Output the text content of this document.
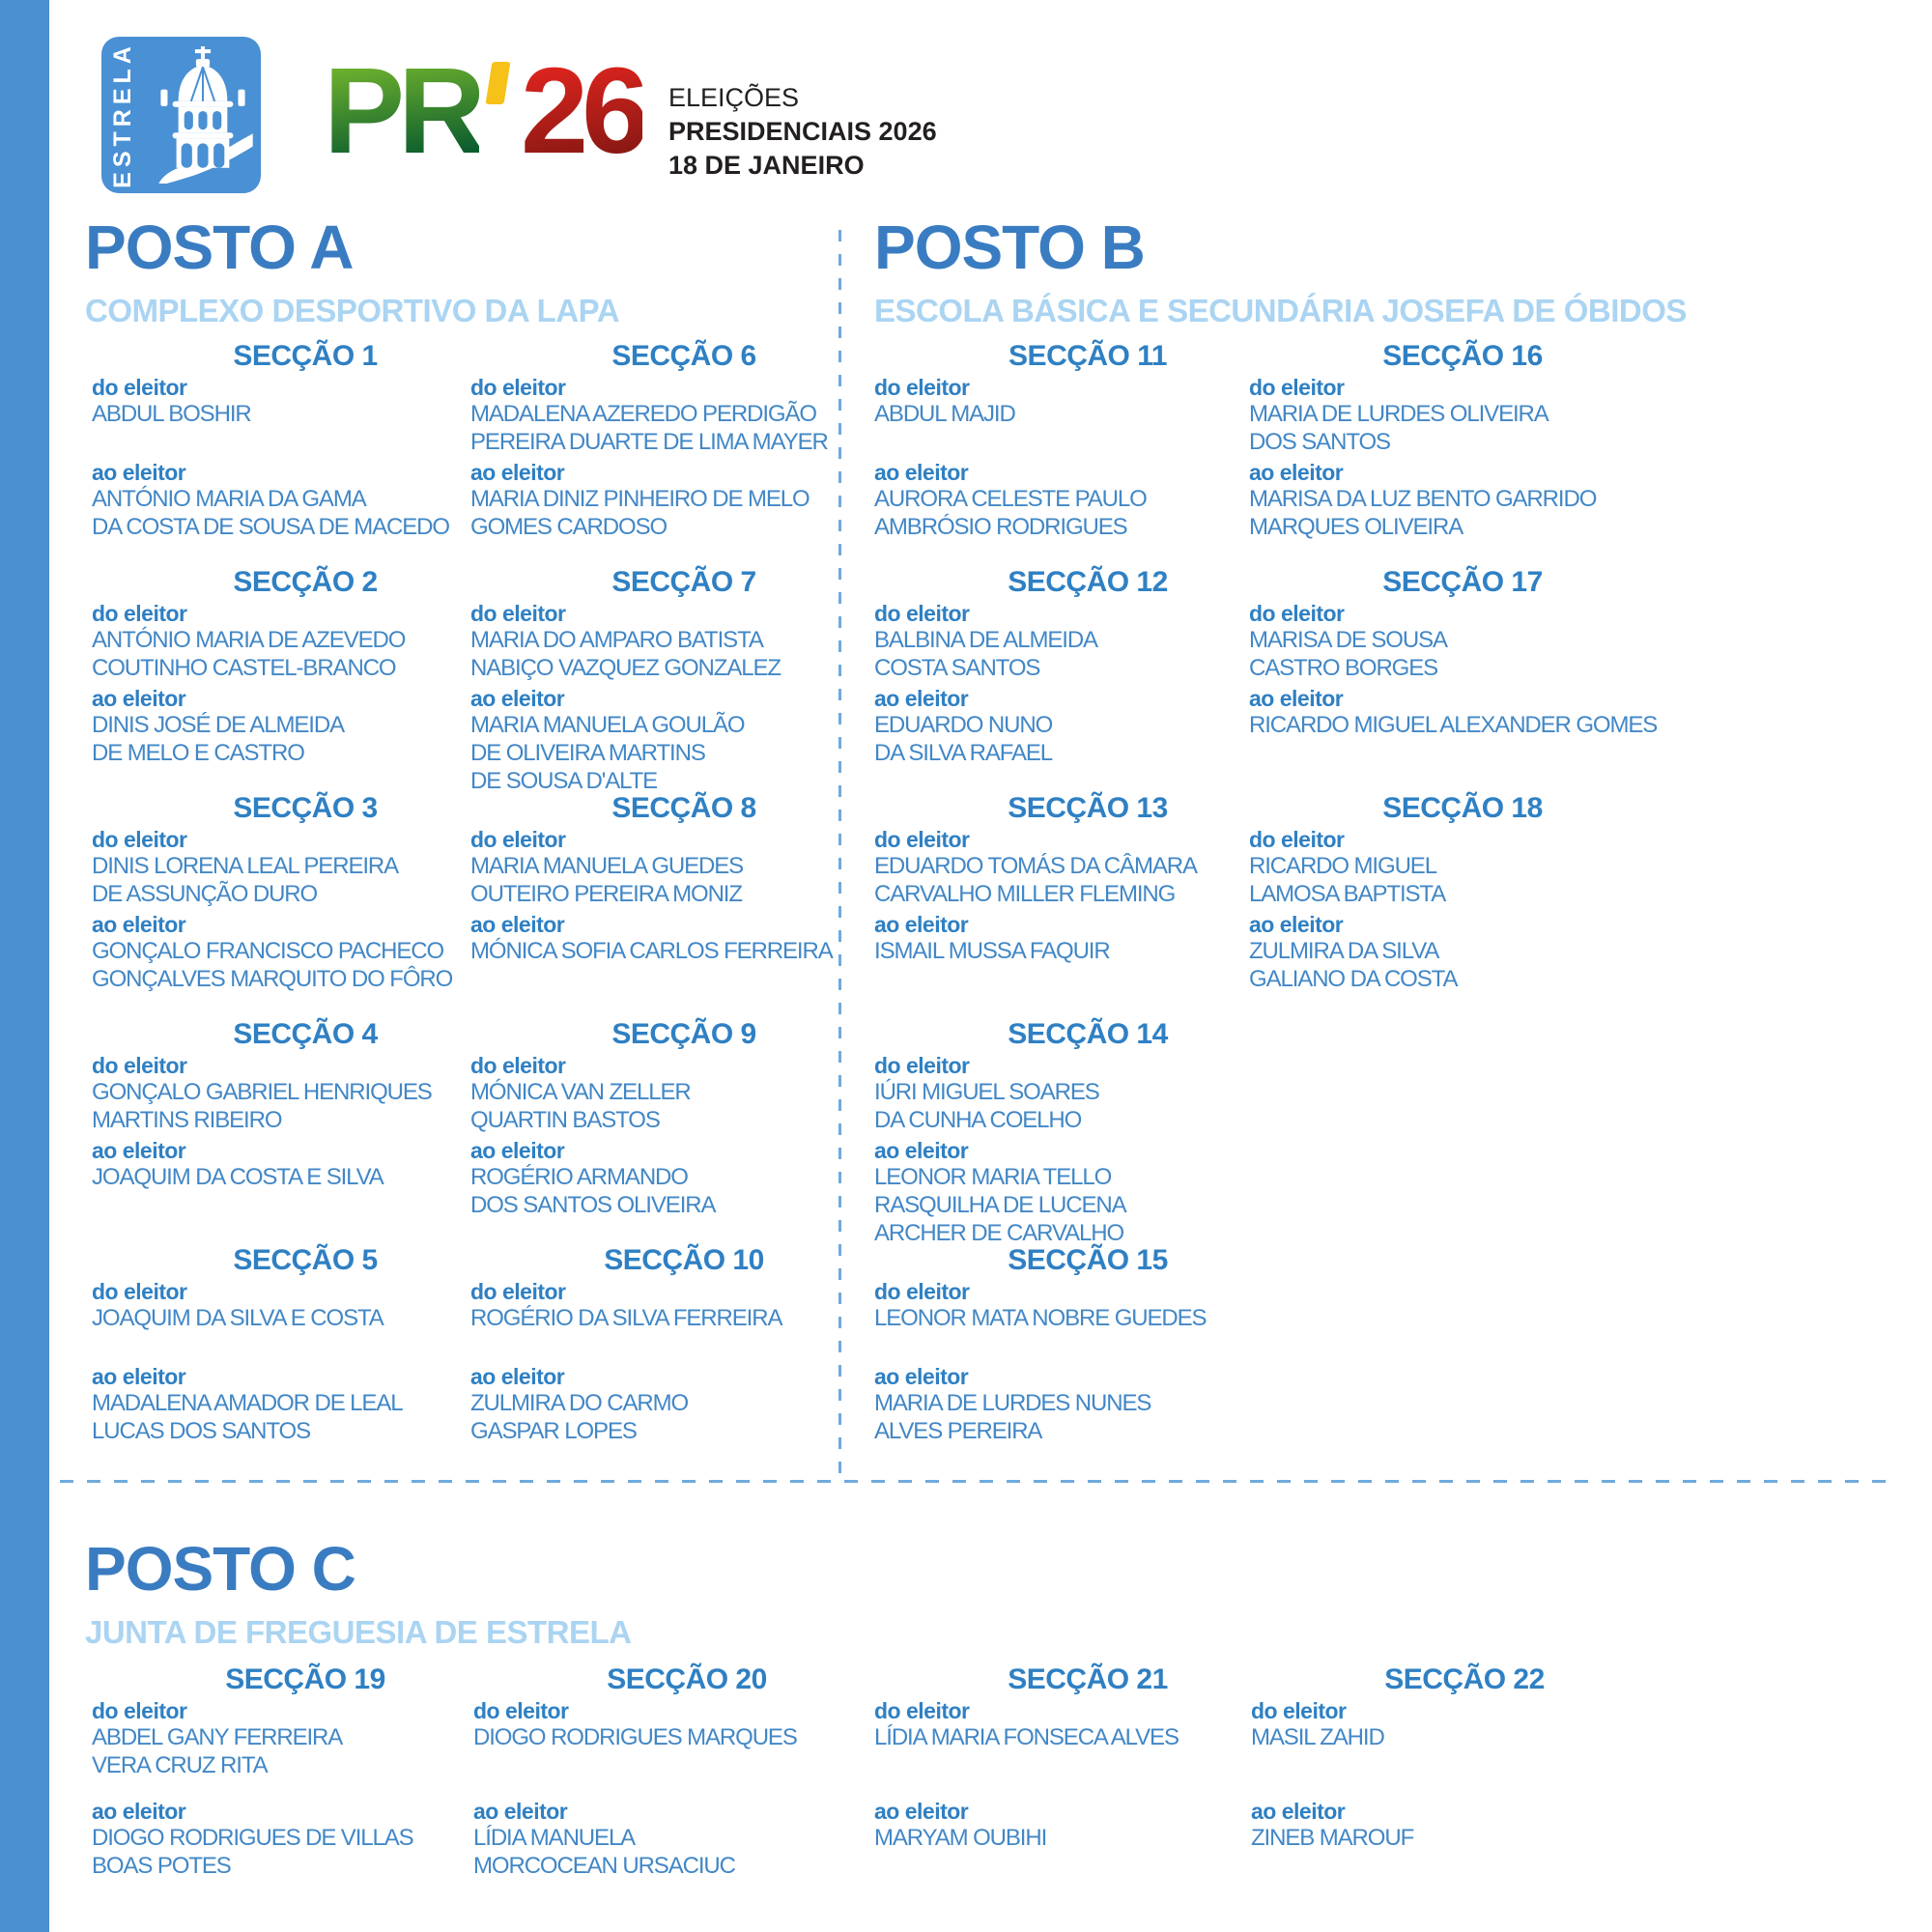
ESTRELA PR 26 ELEIÇÕES
PRESIDENCIAIS 2026
18 DE JANEIRO
POSTO A
COMPLEXO DESPORTIVO DA LAPA
POSTO B
ESCOLA BÁSICA E SECUNDÁRIA JOSEFA DE ÓBIDOS
POSTO C
JUNTA DE FREGUESIA DE ESTRELA
SECÇÃO 1
do eleitor
ABDUL BOSHIR
ao eleitor
ANTÓNIO MARIA DA GAMA
DA COSTA DE SOUSA DE MACEDO
SECÇÃO 2
do eleitor
ANTÓNIO MARIA DE AZEVEDO
COUTINHO CASTEL-BRANCO
ao eleitor
DINIS JOSÉ DE ALMEIDA
DE MELO E CASTRO
SECÇÃO 3
do eleitor
DINIS LORENA LEAL PEREIRA
DE ASSUNÇÃO DURO
ao eleitor
GONÇALO FRANCISCO PACHECO
GONÇALVES MARQUITO DO FÔRO
SECÇÃO 4
do eleitor
GONÇALO GABRIEL HENRIQUES
MARTINS RIBEIRO
ao eleitor
JOAQUIM DA COSTA E SILVA
SECÇÃO 5
do eleitor
JOAQUIM DA SILVA E COSTA
ao eleitor
MADALENA AMADOR DE LEAL
LUCAS DOS SANTOS
SECÇÃO 6
do eleitor
MADALENA AZEREDO PERDIGÃO
PEREIRA DUARTE DE LIMA MAYER
ao eleitor
MARIA DINIZ PINHEIRO DE MELO
GOMES CARDOSO
SECÇÃO 7
do eleitor
MARIA DO AMPARO BATISTA
NABIÇO VAZQUEZ GONZALEZ
ao eleitor
MARIA MANUELA GOULÃO
DE OLIVEIRA MARTINS
DE SOUSA D'ALTE
SECÇÃO 8
do eleitor
MARIA MANUELA GUEDES
OUTEIRO PEREIRA MONIZ
ao eleitor
MÓNICA SOFIA CARLOS FERREIRA
SECÇÃO 9
do eleitor
MÓNICA VAN ZELLER
QUARTIN BASTOS
ao eleitor
ROGÉRIO ARMANDO
DOS SANTOS OLIVEIRA
SECÇÃO 10
do eleitor
ROGÉRIO DA SILVA FERREIRA
ao eleitor
ZULMIRA DO CARMO
GASPAR LOPES
SECÇÃO 11
do eleitor
ABDUL MAJID
ao eleitor
AURORA CELESTE PAULO
AMBRÓSIO RODRIGUES
SECÇÃO 12
do eleitor
BALBINA DE ALMEIDA
COSTA SANTOS
ao eleitor
EDUARDO NUNO
DA SILVA RAFAEL
SECÇÃO 13
do eleitor
EDUARDO TOMÁS DA CÂMARA
CARVALHO MILLER FLEMING
ao eleitor
ISMAIL MUSSA FAQUIR
SECÇÃO 14
do eleitor
IÚRI MIGUEL SOARES
DA CUNHA COELHO
ao eleitor
LEONOR MARIA TELLO
RASQUILHA DE LUCENA
ARCHER DE CARVALHO
SECÇÃO 15
do eleitor
LEONOR MATA NOBRE GUEDES
ao eleitor
MARIA DE LURDES NUNES
ALVES PEREIRA
SECÇÃO 16
do eleitor
MARIA DE LURDES OLIVEIRA
DOS SANTOS
ao eleitor
MARISA DA LUZ BENTO GARRIDO
MARQUES OLIVEIRA
SECÇÃO 17
do eleitor
MARISA DE SOUSA
CASTRO BORGES
ao eleitor
RICARDO MIGUEL ALEXANDER GOMES
SECÇÃO 18
do eleitor
RICARDO MIGUEL
LAMOSA BAPTISTA
ao eleitor
ZULMIRA DA SILVA
GALIANO DA COSTA
SECÇÃO 19
do eleitor
ABDEL GANY FERREIRA
VERA CRUZ RITA
ao eleitor
DIOGO RODRIGUES DE VILLAS
BOAS POTES
SECÇÃO 20
do eleitor
DIOGO RODRIGUES MARQUES
ao eleitor
LÍDIA MANUELA
MORCOCEAN URSACIUC
SECÇÃO 21
do eleitor
LÍDIA MARIA FONSECA ALVES
ao eleitor
MARYAM OUBIHI
SECÇÃO 22
do eleitor
MASIL ZAHID
ao eleitor
ZINEB MAROUF
